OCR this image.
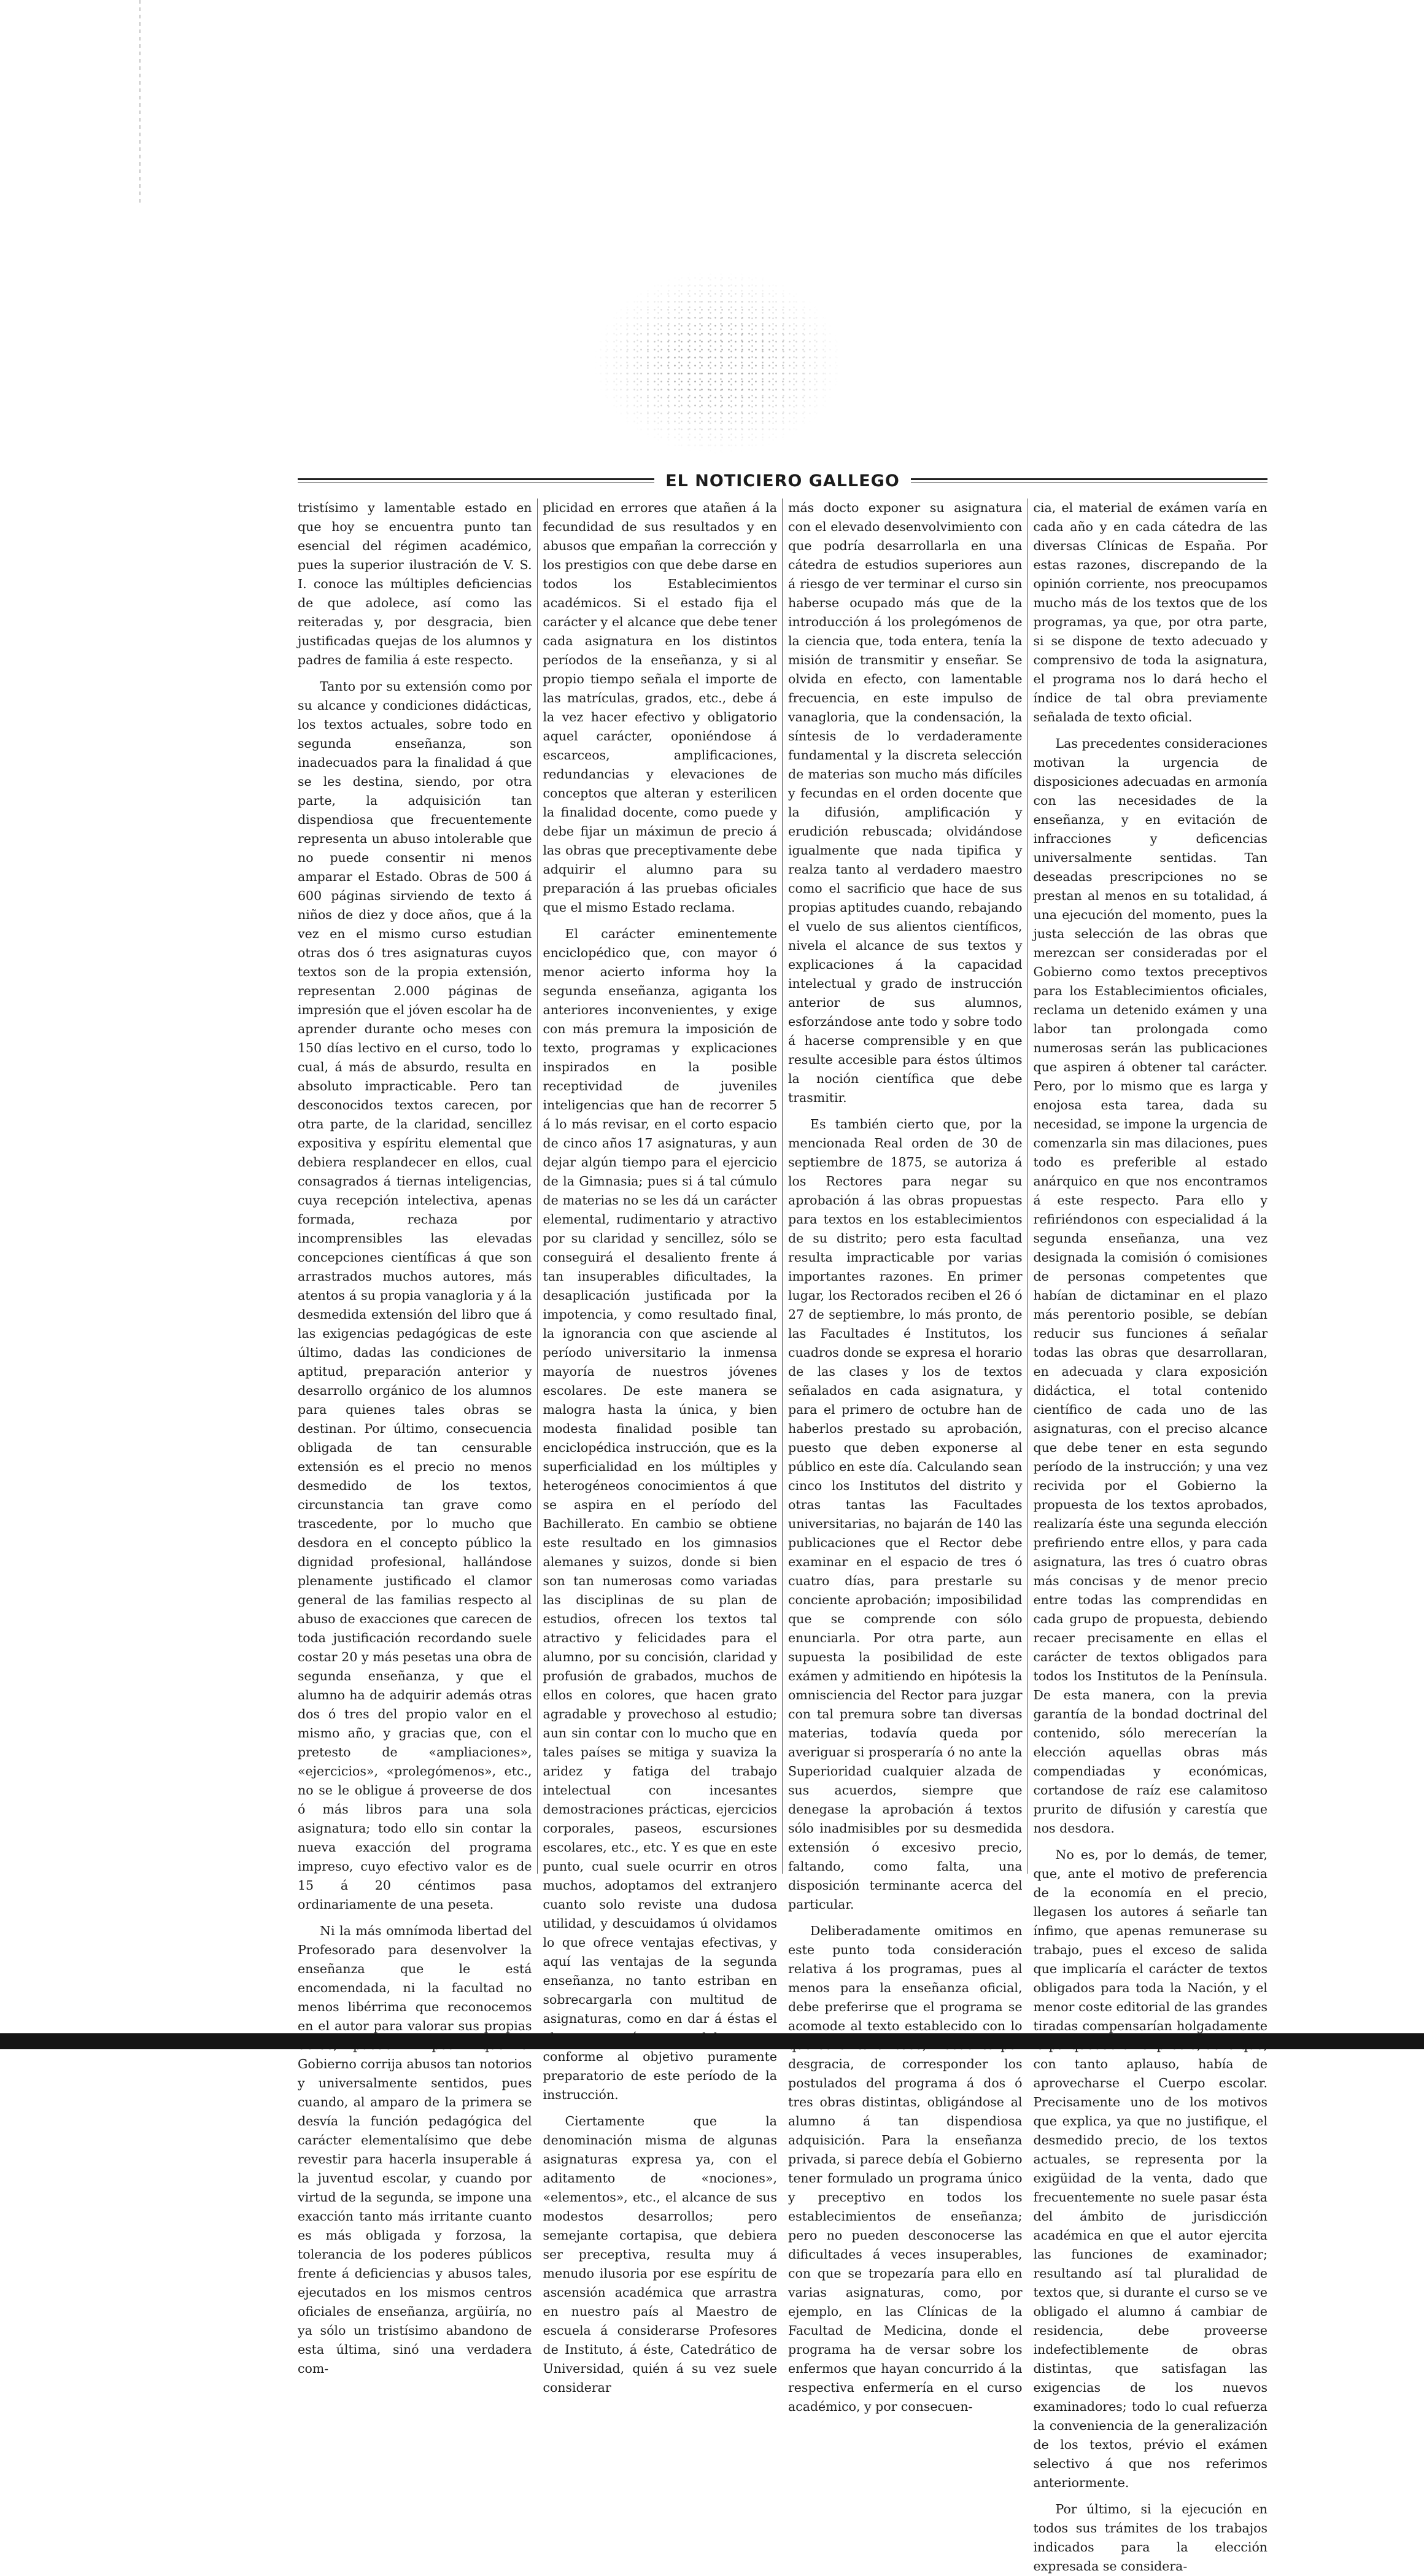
EL NOTICIERO GALLEGO

tristísimo y lamentable estado en que hoy se encuentra punto tan esencial del régimen académico, pues la superior ilustración de V. S. I. conoce las múltiples deficiencias de que adolece, así como las reiteradas y, por desgracia, bien justificadas quejas de los alumnos y padres de familia á este respecto.

Tanto por su extensión como por su alcance y condiciones didácticas, los textos actuales, sobre todo en segunda enseñanza, son inadecuados para la finalidad á que se les destina, siendo, por otra parte, la adquisición tan dispendiosa que frecuentemente representa un abuso intolerable que no puede consentir ni menos amparar el Estado. Obras de 500 á 600 páginas sirviendo de texto á niños de diez y doce años, que á la vez en el mismo curso estudian otras dos ó tres asignaturas cuyos textos son de la propia extensión, representan 2.000 páginas de impresión que el jóven escolar ha de aprender durante ocho meses con 150 días lectivo en el curso, todo lo cual, á más de absurdo, resulta en absoluto impracticable. Pero tan desconocidos textos carecen, por otra parte, de la claridad, sencillez expositiva y espíritu elemental que debiera resplandecer en ellos, cual consagrados á tiernas inteligencias, cuya recepción intelectiva, apenas formada, rechaza por incomprensibles las elevadas concepciones científicas á que son arrastrados muchos autores, más atentos á su propia vanagloria y á la desmedida extensión del libro que á las exigencias pedagógicas de este último, dadas las condiciones de aptitud, preparación anterior y desarrollo orgánico de los alumnos para quienes tales obras se destinan. Por último, consecuencia obligada de tan censurable extensión es el precio no menos desmedido de los textos, circunstancia tan grave como trascedente, por lo mucho que desdora en el concepto público la dignidad profesional, hallándose plenamente justificado el clamor general de las familias respecto al abuso de exacciones que carecen de toda justificación recordando suele costar 20 y más pesetas una obra de segunda enseñanza, y que el alumno ha de adquirir además otras dos ó tres del propio valor en el mismo año, y gracias que, con el pretesto de «ampliaciones», «ejercicios», «prolegómenos», etc., no se le obligue á proveerse de dos ó más libros para una sola asignatura; todo ello sin contar la nueva exacción del programa impreso, cuyo efectivo valor es de 15 á 20 céntimos pasa ordinariamente de una peseta.

Ni la más omnímoda libertad del Profesorado para desenvolver la enseñanza que le está encomendada, ni la facultad no menos libérrima que reconocemos en el autor para valorar sus propias Gobierno corrija abusos tan notorios y universalmente sentidos, pues cuando, al amparo de la primera se desvía la función pedagógica del carácter elementalísimo que debe revestir para hacerla insuperable á la juventud escolar, y cuando por virtud de la segunda, se impone una exacción tanto más irritante cuanto es más obligada y forzosa, la tolerancia de los poderes públicos frente á deficiencias y abusos tales, ejecutados en los mismos centros oficiales de enseñanza, argüiría, no ya sólo un tristísimo abandono de esta última, sinó una verdadera com-

plicidad en errores que atañen á la fecundidad de sus resultados y en abusos que empañan la corrección y los prestigios con que debe darse en todos los Establecimientos académicos. Si el estado fija el carácter y el alcance que debe tener cada asignatura en los distintos períodos de la enseñanza, y si al propio tiempo señala el importe de las matrículas, grados, etc., debe á la vez hacer efectivo y obligatorio aquel carácter, oponiéndose á escarceos, amplificaciones, redundancias y elevaciones de conceptos que alteran y esterilicen la finalidad docente, como puede y debe fijar un máximun de precio á las obras que preceptivamente debe adquirir el alumno para su preparación á las pruebas oficiales que el mismo Estado reclama.

El carácter eminentemente enciclopédico que, con mayor ó menor acierto informa hoy la segunda enseñanza, agiganta los anteriores inconvenientes, y exige con más premura la imposición de texto, programas y explicaciones inspirados en la posible receptividad de juveniles inteligencias que han de recorrer 5 á lo más revisar, en el corto espacio de cinco años 17 asignaturas, y aun dejar algún tiempo para el ejercicio de la Gimnasia; pues si á tal cúmulo de materias no se les dá un carácter elemental, rudimentario y atractivo por su claridad y sencillez, sólo se conseguirá el desaliento frente á tan insuperables dificultades, la desaplicación justificada por la impotencia, y como resultado final, la ignorancia con que asciende al período universitario la inmensa mayoría de nuestros jóvenes escolares. De este manera se malogra hasta la única, y bien modesta finalidad posible tan enciclopédica instrucción, que es la superficialidad en los múltiples y heterogéneos conocimientos á que se aspira en el período del Bachillerato. En cambio se obtiene este resultado en los gimnasios alemanes y suizos, donde si bien son tan numerosas como variadas las disciplinas de su plan de estudios, ofrecen los textos tal atractivo y felicidades para el alumno, por su concisión, claridad y profusión de grabados, muchos de ellos en colores, que hacen grato agradable y provechoso al estudio; aun sin contar con lo mucho que en tales países se mitiga y suaviza la aridez y fatiga del trabajo intelectual con incesantes demostraciones prácticas, ejercicios corporales, paseos, escursiones escolares, etc., etc. Y es que en este punto, cual suele ocurrir en otros muchos, adoptamos del extranjero cuanto solo reviste una dudosa utilidad, y descuidamos ú olvidamos lo que ofrece ventajas efectivas, y aquí las ventajas de la segunda enseñanza, no tanto estriban en sobrecargarla con multitud de asignaturas, como en dar á éstas el conforme al objetivo puramente preparatorio de este período de la instrucción.

Ciertamente que la denominación misma de algunas asignaturas expresa ya, con el aditamento de «nociones», «elementos», etc., el alcance de sus modestos desarrollos; pero semejante cortapisa, que debiera ser preceptiva, resulta muy á menudo ilusoria por ese espíritu de ascensión académica que arrastra en nuestro país al Maestro de escuela á considerarse Profesores de Instituto, á éste, Catedrático de Universidad, quién á su vez suele considerar

más docto exponer su asignatura con el elevado desenvolvimiento con que podría desarrollarla en una cátedra de estudios superiores aun á riesgo de ver terminar el curso sin haberse ocupado más que de la introducción á los prolegómenos de la ciencia que, toda entera, tenía la misión de transmitir y enseñar. Se olvida en efecto, con lamentable frecuencia, en este impulso de vanagloria, que la condensación, la síntesis de lo verdaderamente fundamental y la discreta selección de materias son mucho más difíciles y fecundas en el orden docente que la difusión, amplificación y erudición rebuscada; olvidándose igualmente que nada tipifica y realza tanto al verdadero maestro como el sacrificio que hace de sus propias aptitudes cuando, rebajando el vuelo de sus alientos científicos, nivela el alcance de sus textos y explicaciones á la capacidad intelectual y grado de instrucción anterior de sus alumnos, esforzándose ante todo y sobre todo á hacerse comprensible y en que resulte accesible para éstos últimos la noción científica que debe trasmitir.

Es también cierto que, por la mencionada Real orden de 30 de septiembre de 1875, se autoriza á los Rectores para negar su aprobación á las obras propuestas para textos en los establecimientos de su distrito; pero esta facultad resulta impracticable por varias importantes razones. En primer lugar, los Rectorados reciben el 26 ó 27 de septiembre, lo más pronto, de las Facultades é Institutos, los cuadros donde se expresa el horario de las clases y los de textos señalados en cada asignatura, y para el primero de octubre han de haberlos prestado su aprobación, puesto que deben exponerse al público en este día. Calculando sean cinco los Institutos del distrito y otras tantas las Facultades universitarias, no bajarán de 140 las publicaciones que el Rector debe examinar en el espacio de tres ó cuatro días, para prestarle su conciente aprobación; imposibilidad que se comprende con sólo enunciarla. Por otra parte, aun supuesta la posibilidad de este exámen y admitiendo en hipótesis la omnisciencia del Rector para juzgar con tal premura sobre tan diversas materias, todavía queda por averiguar si prosperaría ó no ante la Superioridad cualquier alzada de sus acuerdos, siempre que denegase la aprobación á textos sólo inadmisibles por su desmedida extensión ó excesivo precio, faltando, como falta, una disposición terminante acerca del particular.

Deliberadamente omitimos en este punto toda consideración relativa á los programas, pues al menos para la enseñanza oficial, debe preferirse que el programa se acomode al texto establecido con lo desgracia, de corresponder los postulados del programa á dos ó tres obras distintas, obligándose al alumno á tan dispendiosa adquisición. Para la enseñanza privada, si parece debía el Gobierno tener formulado un programa único y preceptivo en todos los establecimientos de enseñanza; pero no pueden desconocerse las dificultades á veces insuperables, con que se tropezaría para ello en varias asignaturas, como, por ejemplo, en las Clínicas de la Facultad de Medicina, donde el programa ha de versar sobre los enfermos que hayan concurrido á la respectiva enfermería en el curso académico, y por consecuen-

cia, el material de exámen varía en cada año y en cada cátedra de las diversas Clínicas de España. Por estas razones, discrepando de la opinión corriente, nos preocupamos mucho más de los textos que de los programas, ya que, por otra parte, si se dispone de texto adecuado y comprensivo de toda la asignatura, el programa nos lo dará hecho el índice de tal obra previamente señalada de texto oficial.

Las precedentes consideraciones motivan la urgencia de disposiciones adecuadas en armonía con las necesidades de la enseñanza, y en evitación de infracciones y deficencias universalmente sentidas. Tan deseadas prescripciones no se prestan al menos en su totalidad, á una ejecución del momento, pues la justa selección de las obras que merezcan ser consideradas por el Gobierno como textos preceptivos para los Establecimientos oficiales, reclama un detenido exámen y una labor tan prolongada como numerosas serán las publicaciones que aspiren á obtener tal carácter. Pero, por lo mismo que es larga y enojosa esta tarea, dada su necesidad, se impone la urgencia de comenzarla sin mas dilaciones, pues todo es preferible al estado anárquico en que nos encontramos á este respecto. Para ello y refiriéndonos con especialidad á la segunda enseñanza, una vez designada la comisión ó comisiones de personas competentes que habían de dictaminar en el plazo más perentorio posible, se debían reducir sus funciones á señalar todas las obras que desarrollaran, en adecuada y clara exposición didáctica, el total contenido científico de cada uno de las asignaturas, con el preciso alcance que debe tener en esta segundo período de la instrucción; y una vez recivida por el Gobierno la propuesta de los textos aprobados, realizaría éste una segunda elección prefiriendo entre ellos, y para cada asignatura, las tres ó cuatro obras más concisas y de menor precio entre todas las comprendidas en cada grupo de propuesta, debiendo recaer precisamente en ellas el carácter de textos obligados para todos los Institutos de la Península. De esta manera, con la previa garantía de la bondad doctrinal del contenido, sólo merecerían la elección aquellas obras más compendiadas y económicas, cortandose de raíz ese calamitoso prurito de difusión y carestía que nos desdora.

No es, por lo demás, de temer, que, ante el motivo de preferencia de la economía en el precio, llegasen los autores á señarle tan ínfimo, que apenas remunerase su trabajo, pues el exceso de salida que implicaría el carácter de textos obligados para toda la Nación, y el menor coste editorial de las grandes tiradas compensarían holgadamente con tanto aplauso, había de aprovecharse el Cuerpo escolar. Precisamente uno de los motivos que explica, ya que no justifique, el desmedido precio, de los textos actuales, se representa por la exigüidad de la venta, dado que frecuentemente no suele pasar ésta del ámbito de jurisdicción académica en que el autor ejercita las funciones de examinador; resultando así tal pluralidad de textos que, si durante el curso se ve obligado el alumno á cambiar de residencia, debe proveerse indefectiblemente de obras distintas, que satisfagan las exigencias de los nuevos examinadores; todo lo cual refuerza la conveniencia de la generalización de los textos, prévio el exámen selectivo á que nos referimos anteriormente.

Por último, si la ejecución en todos sus trámites de los trabajos indicados para la elección expresada se considera-
